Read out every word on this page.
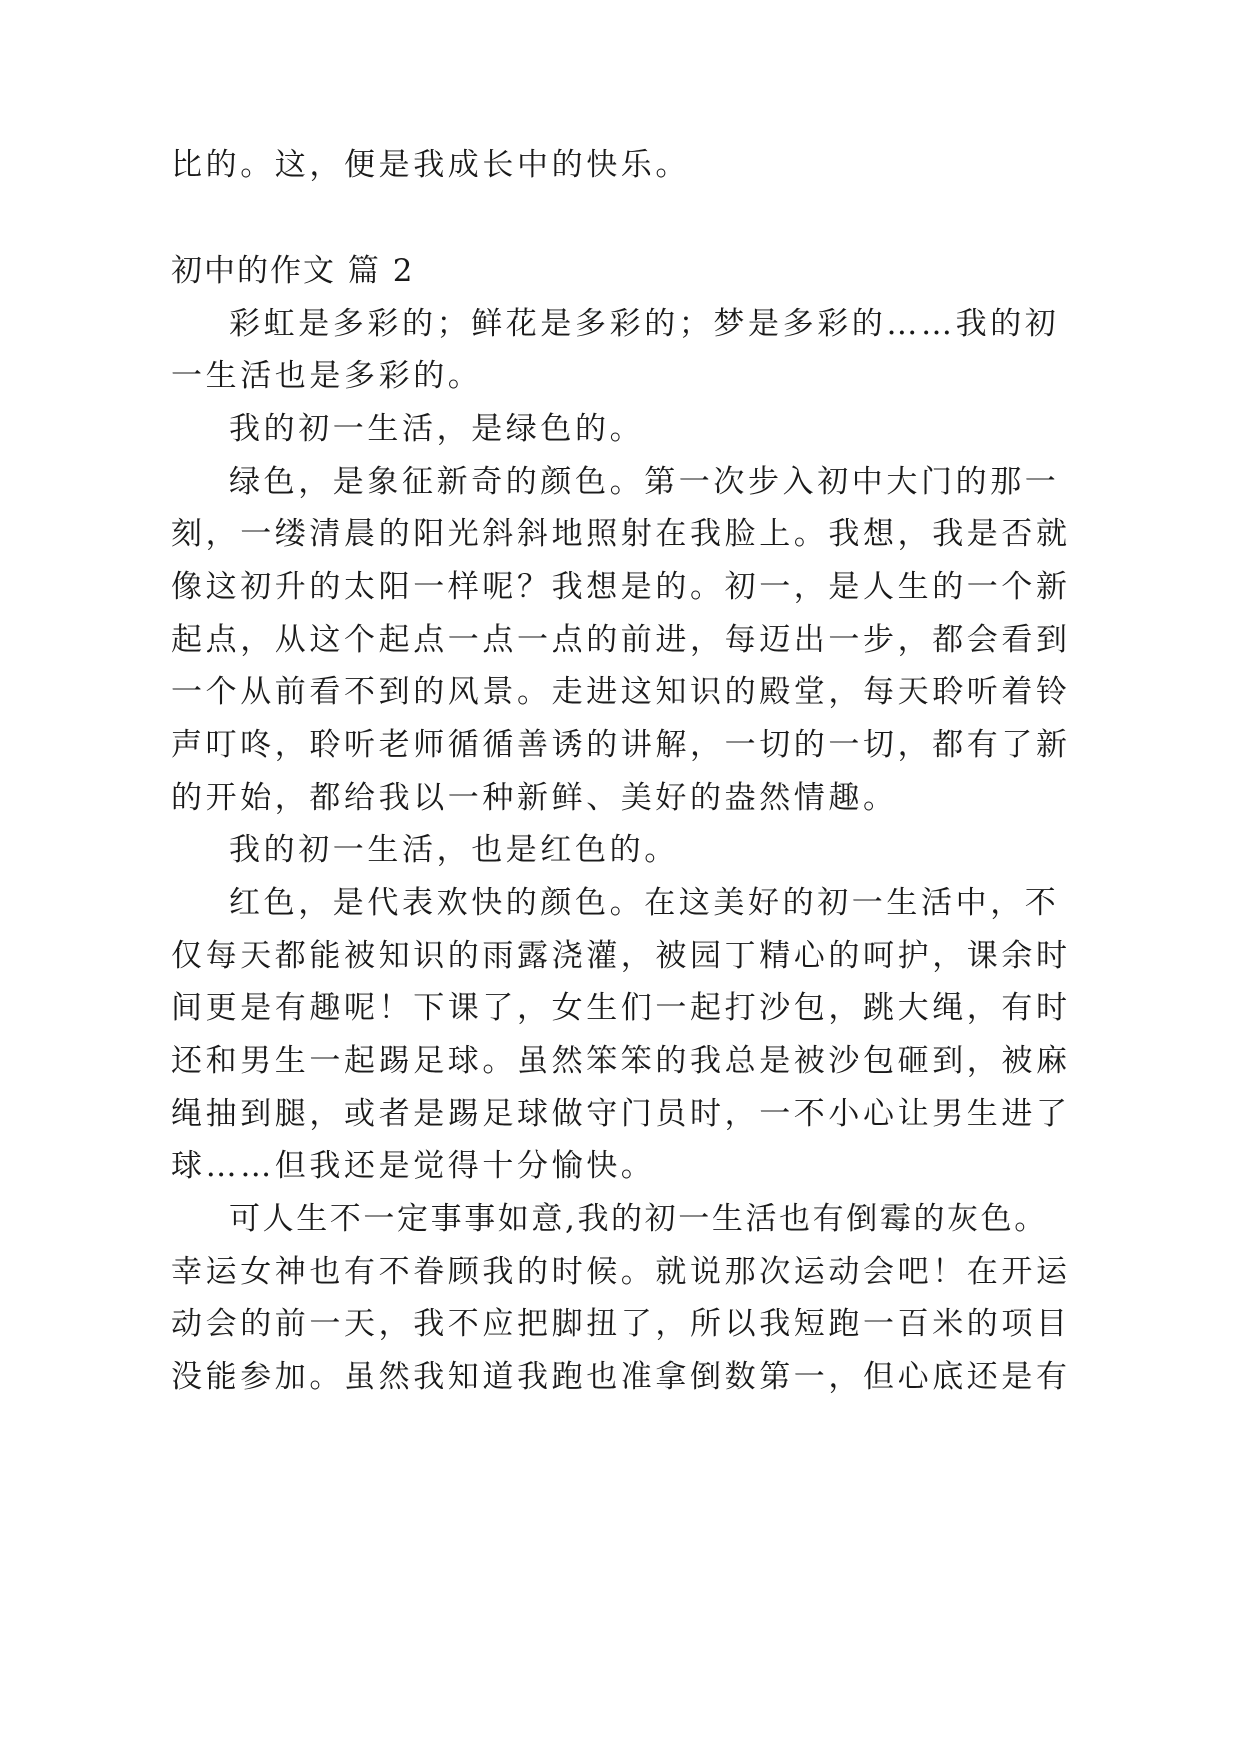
比的。这，便是我成长中的快乐。
初中的作文 篇 2
彩虹是多彩的；鲜花是多彩的；梦是多彩的……我的初
一生活也是多彩的。
我的初一生活，是绿色的。
绿色，是象征新奇的颜色。第一次步入初中大门的那一
刻，一缕清晨的阳光斜斜地照射在我脸上。我想，我是否就
像这初升的太阳一样呢？我想是的。初一，是人生的一个新
起点，从这个起点一点一点的前进，每迈出一步，都会看到
一个从前看不到的风景。走进这知识的殿堂，每天聆听着铃
声叮咚，聆听老师循循善诱的讲解，一切的一切，都有了新
的开始，都给我以一种新鲜、美好的盎然情趣。
我的初一生活，也是红色的。
红色，是代表欢快的颜色。在这美好的初一生活中，不
仅每天都能被知识的雨露浇灌，被园丁精心的呵护，课余时
间更是有趣呢！下课了，女生们一起打沙包，跳大绳，有时
还和男生一起踢足球。虽然笨笨的我总是被沙包砸到，被麻
绳抽到腿，或者是踢足球做守门员时，一不小心让男生进了
球……但我还是觉得十分愉快。
可人生不一定事事如意,我的初一生活也有倒霉的灰色。
幸运女神也有不眷顾我的时候。就说那次运动会吧！在开运
动会的前一天，我不应把脚扭了，所以我短跑一百米的项目
没能参加。虽然我知道我跑也准拿倒数第一，但心底还是有
